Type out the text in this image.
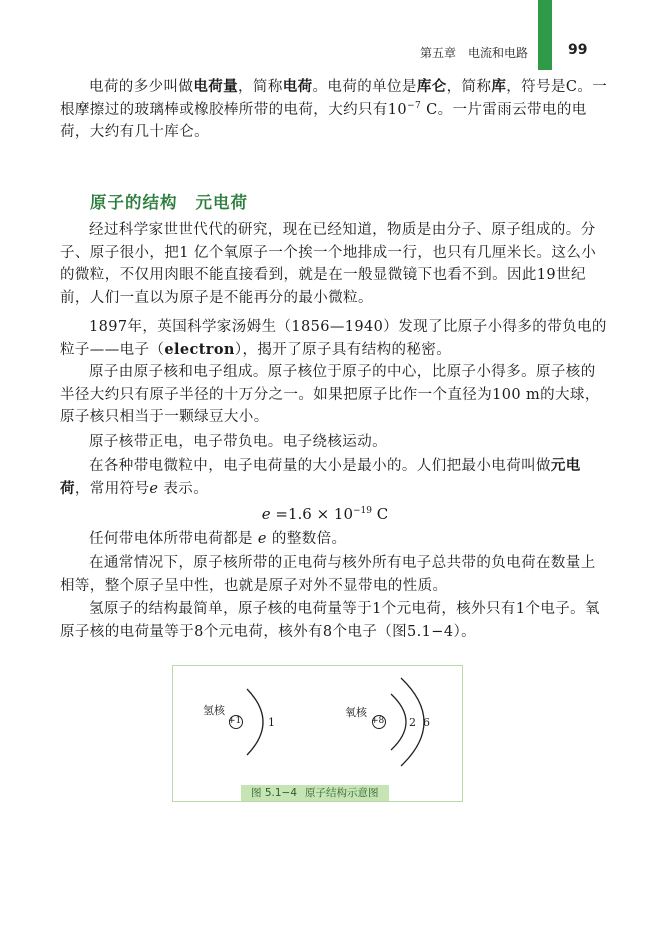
第五章　电流和电路	99

电荷的多少叫做电荷量，简称电荷。电荷的单位是库仑，简称库，符号是C。一根摩擦过的玻璃棒或橡胶棒所带的电荷，大约只有$10^{-7}$ C。一片雷雨云带电的电荷，大约有几十库仑。

原子的结构 元电荷

经过科学家世世代代的研究，现在已经知道，物质是由分子、原子组成的。分子、原子很小，把1 亿个氧原子一个挨一个地排成一行，也只有几厘米长。这么小的微粒，不仅用肉眼不能直接看到，就是在一般显微镜下也看不到。因此19世纪前，人们一直以为原子是不能再分的最小微粒。

1897年，英国科学家汤姆生（1856—1940）发现了比原子小得多的带负电的粒子——电子（electron），揭开了原子具有结构的秘密。

原子由原子核和电子组成。原子核位于原子的中心，比原子小得多。原子核的半径大约只有原子半径的十万分之一。如果把原子比作一个直径为100 m的大球，原子核只相当于一颗绿豆大小。

原子核带正电，电子带负电。电子绕核运动。

在各种带电微粒中，电子电荷量的大小是最小的。人们把最小电荷叫做元电荷，常用符号e 表示。

$e =1.6 \times 10^{-19}$ C

任何带电体所带电荷都是 e 的整数倍。

在通常情况下，原子核所带的正电荷与核外所有电子总共带的负电荷在数量上相等，整个原子呈中性，也就是原子对外不显带电的性质。

氢原子的结构最简单，原子核的电荷量等于1个元电荷，核外只有1个电子。氧原子核的电荷量等于8个元电荷，核外有8个电子（图5.1−4）。

氢核
+1 1
氧核
+8 2 6
图 5.1−4 原子结构示意图
